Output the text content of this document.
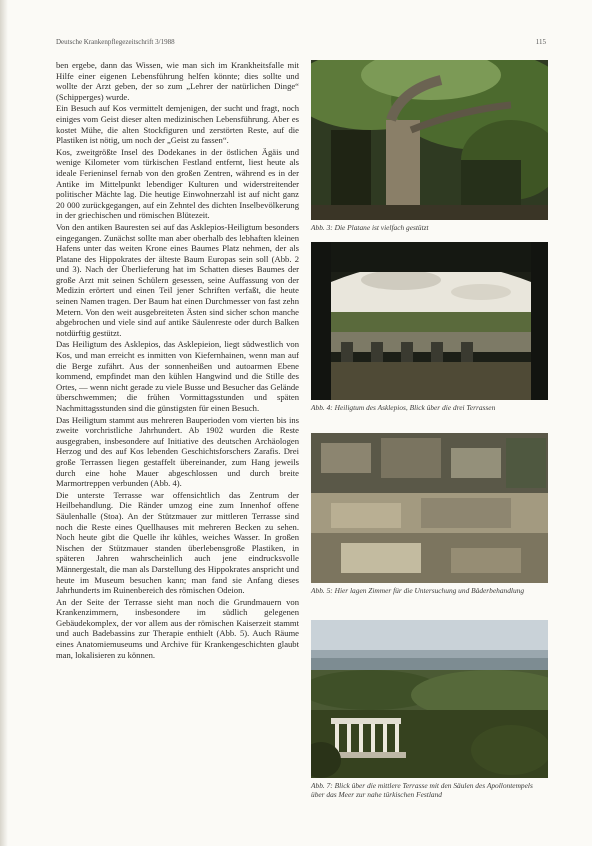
Deutsche Krankenpflegezeitschrift 3/1988	115

ben ergebe, dann das Wissen, wie man sich im Krankheitsfalle mit Hilfe einer eigenen Lebensführung helfen könnte; dies sollte und wollte der Arzt geben, der so zum „Lehrer der natürlichen Dinge“ (Schipperges) wurde.

Ein Besuch auf Kos vermittelt demjenigen, der sucht und fragt, noch einiges vom Geist dieser alten medizinischen Lebensführung. Aber es kostet Mühe, die alten Stockfiguren und zerstörten Reste, auf die Plastiken ist nötig, um noch der „Geist zu fassen“.

Kos, zweitgrößte Insel des Dodekanes in der östlichen Ägäis und wenige Kilometer vom türkischen Festland entfernt, liest heute als ideale Ferieninsel fernab von den großen Zentren, während es in der Antike im Mittelpunkt lebendiger Kulturen und widerstreitender politischer Mächte lag. Die heutige Einwohnerzahl ist auf nicht ganz 20 000 zurückgegangen, auf ein Zehntel des dichten Inselbevölkerung in der griechischen und römischen Blütezeit.

Von den antiken Bauresten sei auf das Asklepios-Heiligtum besonders eingegangen. Zunächst sollte man aber oberhalb des lebhaften kleinen Hafens unter das weiten Krone eines Baumes Platz nehmen, der als Platane des Hippokrates der älteste Baum Europas sein soll (Abb. 2 und 3). Nach der Überlieferung hat im Schatten dieses Baumes der große Arzt mit seinen Schülern gesessen, seine Auffassung von der Medizin erörtert und einen Teil jener Schriften verfaßt, die heute seinen Namen tragen. Der Baum hat einen Durchmesser von fast zehn Metern. Von den weit ausgebreiteten Ästen sind sicher schon manche abgebrochen und viele sind auf antike Säulenreste oder durch Balken notdürftig gestützt.

Das Heiligtum des Asklepios, das Asklepieion, liegt südwestlich von Kos, und man erreicht es inmitten von Kiefernhainen, wenn man auf die Berge zufährt. Aus der sonnenheißen und autoarmen Ebene kommend, empfindet man den kühlen Hangwind und die Stille des Ortes, — wenn nicht gerade zu viele Busse und Besucher das Gelände überschwemmen; die frühen Vormittagsstunden und späten Nachmittagsstunden sind die günstigsten für einen Besuch.

Das Heiligtum stammt aus mehreren Bauperioden vom vierten bis ins zweite vorchristliche Jahrhundert. Ab 1902 wurden die Reste ausgegraben, insbesondere auf Initiative des deutschen Archäologen Herzog und des auf Kos lebenden Geschichtsforschers Zarafis. Drei große Terrassen liegen gestaffelt übereinander, zum Hang jeweils durch eine hohe Mauer abgeschlossen und durch breite Marmortreppen verbunden (Abb. 4).

Die unterste Terrasse war offensichtlich das Zentrum der Heilbehandlung. Die Ränder umzog eine zum Innenhof offene Säulenhalle (Stoa). An der Stützmauer zur mittleren Terrasse sind noch die Reste eines Quellhauses mit mehreren Becken zu sehen. Noch heute gibt die Quelle ihr kühles, weiches Wasser. In großen Nischen der Stützmauer standen überlebensgroße Plastiken, in späteren Jahren wahrscheinlich auch jene eindrucksvolle Männergestalt, die man als Darstellung des Hippokrates anspricht und heute im Museum besuchen kann; man fand sie Anfang dieses Jahrhunderts im Ruinenbereich des römischen Odeion.

An der Seite der Terrasse sieht man noch die Grundmauern von Krankenzimmern, insbesondere im südlich gelegenen Gebäudekomplex, der vor allem aus der römischen Kaiserzeit stammt und auch Badebassins zur Therapie enthielt (Abb. 5). Auch Räume eines Anatomiemuseums und Archive für Krankengeschichten glaubt man, lokalisieren zu können.

Abb. 3: Die Platane ist vielfach gestützt
Abb. 4: Heiligtum des Asklepios, Blick über die drei Terrassen
Abb. 5: Hier lagen Zimmer für die Untersuchung und Bäderbehandlung
Abb. 7: Blick über die mittlere Terrasse mit den Säulen des Apollontempels über das Meer zur nahe türkischen Festland
